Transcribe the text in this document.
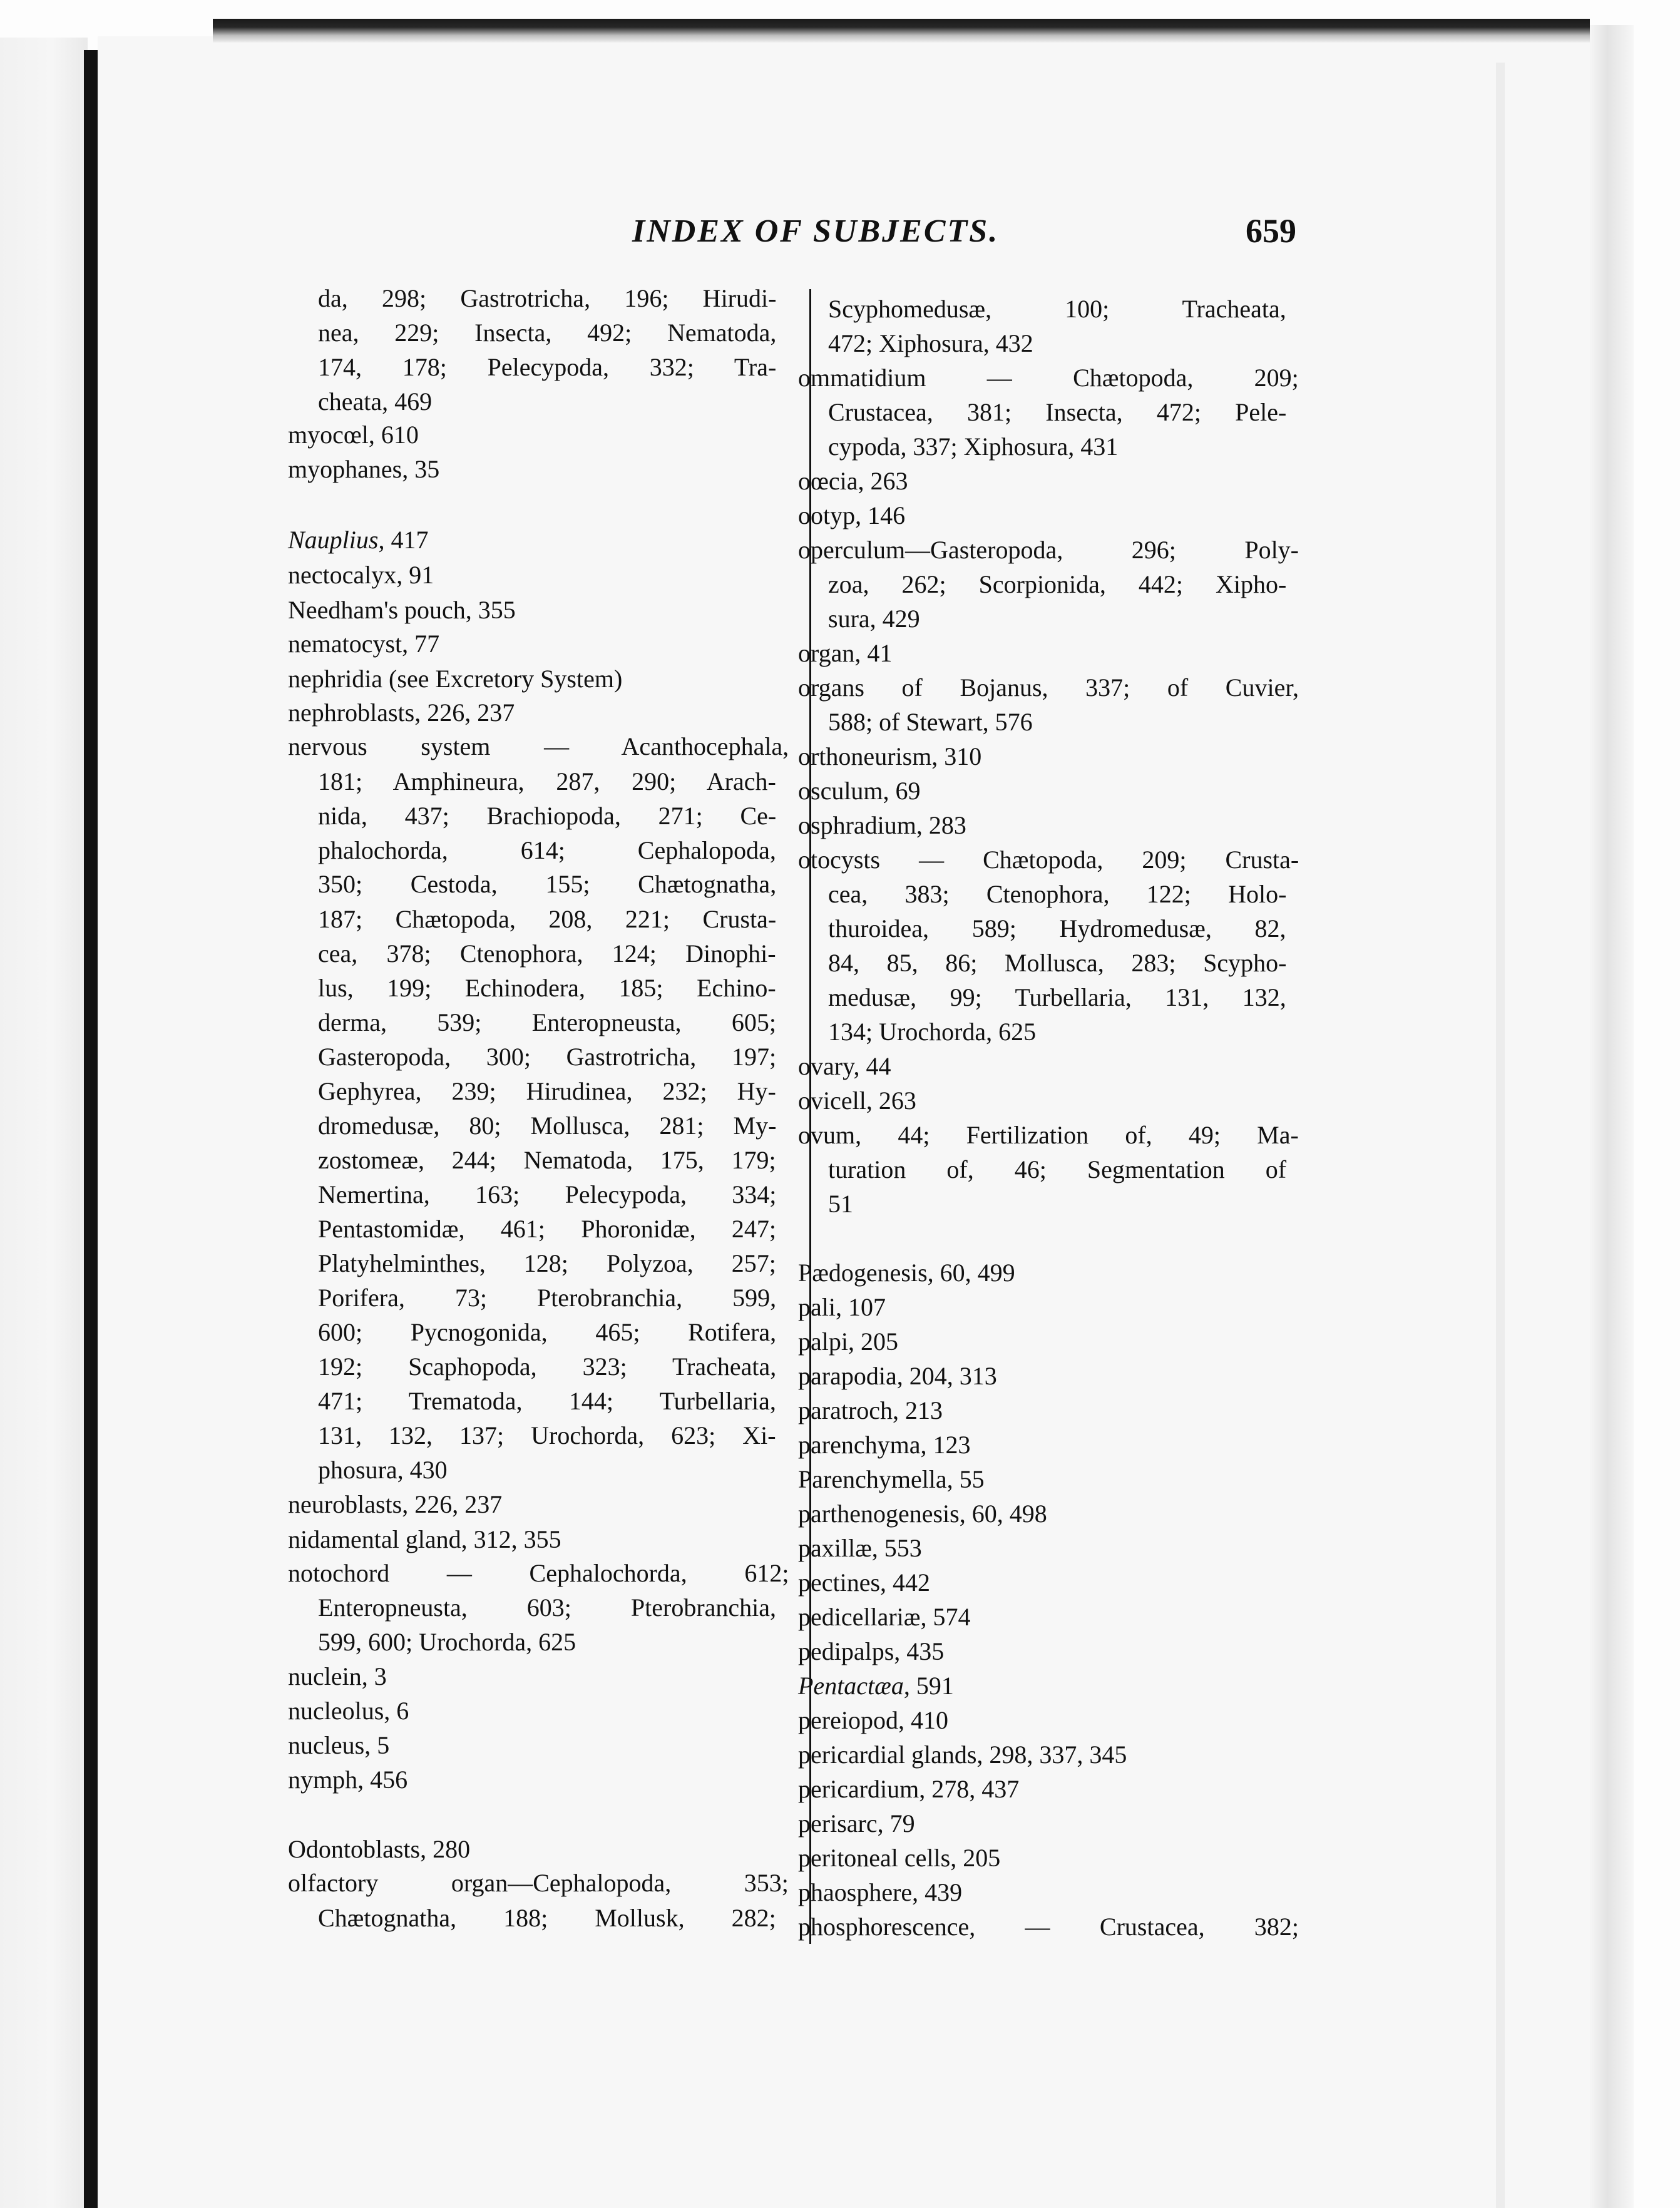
INDEX OF SUBJECTS.	659
da, 298; Gastrotricha, 196; Hirudi-
nea, 229; Insecta, 492; Nematoda,
174, 178; Pelecypoda, 332; Tra-
cheata, 469
myocœl, 610
myophanes, 35
Nauplius, 417
nectocalyx, 91
Needham's pouch, 355
nematocyst, 77
nephridia (see Excretory System)
nephroblasts, 226, 237
nervous system — Acanthocephala,
181; Amphineura, 287, 290; Arach-
nida, 437; Brachiopoda, 271; Ce-
phalochorda, 614; Cephalopoda,
350; Cestoda, 155; Chætognatha,
187; Chætopoda, 208, 221; Crusta-
cea, 378; Ctenophora, 124; Dinophi-
lus, 199; Echinodera, 185; Echino-
derma, 539; Enteropneusta, 605;
Gasteropoda, 300; Gastrotricha, 197;
Gephyrea, 239; Hirudinea, 232; Hy-
dromedusæ, 80; Mollusca, 281; My-
zostomeæ, 244; Nematoda, 175, 179;
Nemertina, 163; Pelecypoda, 334;
Pentastomidæ, 461; Phoronidæ, 247;
Platyhelminthes, 128; Polyzoa, 257;
Porifera, 73; Pterobranchia, 599,
600; Pycnogonida, 465; Rotifera,
192; Scaphopoda, 323; Tracheata,
471; Trematoda, 144; Turbellaria,
131, 132, 137; Urochorda, 623; Xi-
phosura, 430
neuroblasts, 226, 237
nidamental gland, 312, 355
notochord — Cephalochorda, 612;
Enteropneusta, 603; Pterobranchia,
599, 600; Urochorda, 625
nuclein, 3
nucleolus, 6
nucleus, 5
nymph, 456
Odontoblasts, 280
olfactory organ—Cephalopoda, 353;
Chætognatha, 188; Mollusk, 282;
Scyphomedusæ, 100; Tracheata,
472; Xiphosura, 432
ommatidium — Chætopoda, 209;
Crustacea, 381; Insecta, 472; Pele-
cypoda, 337; Xiphosura, 431
oœcia, 263
ootyp, 146
operculum—Gasteropoda, 296; Poly-
zoa, 262; Scorpionida, 442; Xipho-
sura, 429
organ, 41
organs of Bojanus, 337; of Cuvier,
588; of Stewart, 576
orthoneurism, 310
osculum, 69
osphradium, 283
otocysts — Chætopoda, 209; Crusta-
cea, 383; Ctenophora, 122; Holo-
thuroidea, 589; Hydromedusæ, 82,
84, 85, 86; Mollusca, 283; Scypho-
medusæ, 99; Turbellaria, 131, 132,
134; Urochorda, 625
ovary, 44
ovicell, 263
ovum, 44; Fertilization of, 49; Ma-
turation of, 46; Segmentation of
51
Pædogenesis, 60, 499
pali, 107
palpi, 205
parapodia, 204, 313
paratroch, 213
parenchyma, 123
Parenchymella, 55
parthenogenesis, 60, 498
paxillæ, 553
pectines, 442
pedicellariæ, 574
pedipalps, 435
Pentactæa, 591
pereiopod, 410
pericardial glands, 298, 337, 345
pericardium, 278, 437
perisarc, 79
peritoneal cells, 205
phaosphere, 439
phosphorescence, — Crustacea, 382;
